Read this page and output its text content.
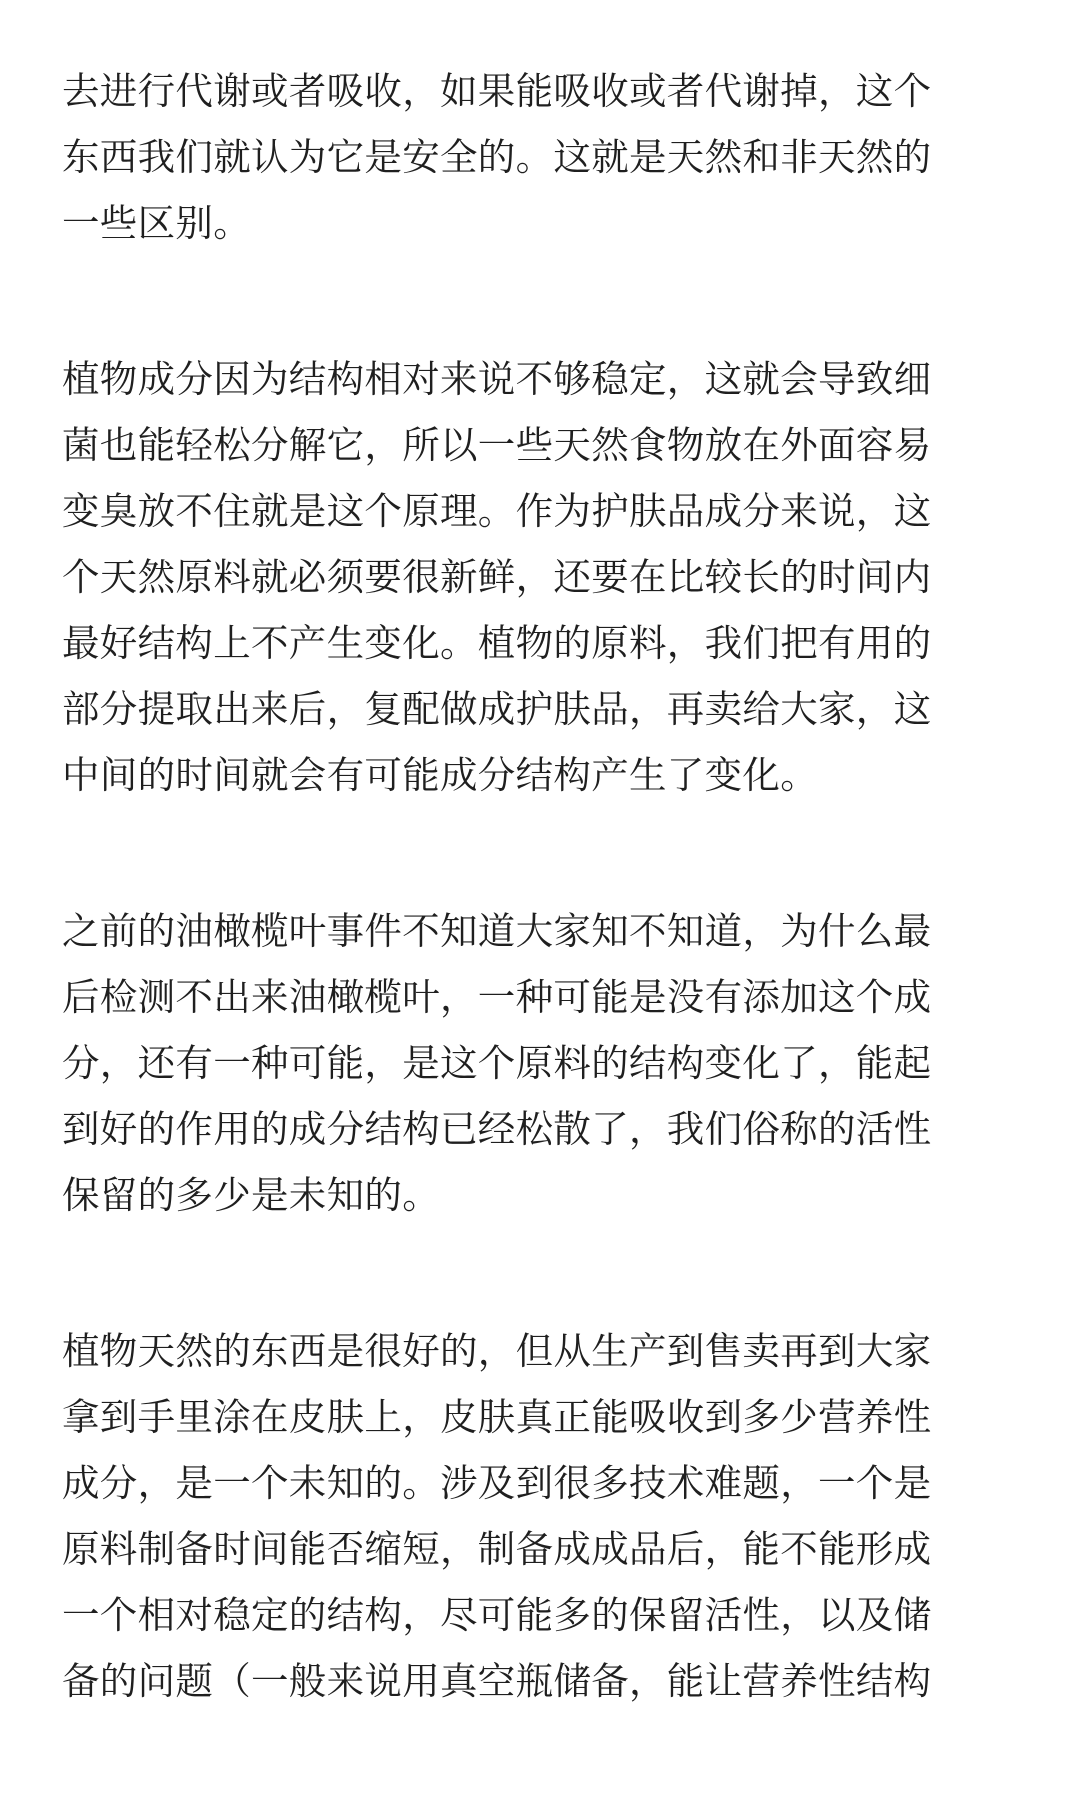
去进行代谢或者吸收，如果能吸收或者代谢掉，这个
东西我们就认为它是安全的。这就是天然和非天然的
一些区别。

植物成分因为结构相对来说不够稳定，这就会导致细
菌也能轻松分解它，所以一些天然食物放在外面容易
变臭放不住就是这个原理。作为护肤品成分来说，这
个天然原料就必须要很新鲜，还要在比较长的时间内
最好结构上不产生变化。植物的原料，我们把有用的
部分提取出来后，复配做成护肤品，再卖给大家，这
中间的时间就会有可能成分结构产生了变化。

之前的油橄榄叶事件不知道大家知不知道，为什么最
后检测不出来油橄榄叶，一种可能是没有添加这个成
分，还有一种可能，是这个原料的结构变化了，能起
到好的作用的成分结构已经松散了，我们俗称的活性
保留的多少是未知的。

植物天然的东西是很好的，但从生产到售卖再到大家
拿到手里涂在皮肤上，皮肤真正能吸收到多少营养性
成分，是一个未知的。涉及到很多技术难题，一个是
原料制备时间能否缩短，制备成成品后，能不能形成
一个相对稳定的结构，尽可能多的保留活性，以及储
备的问题（一般来说用真空瓶储备，能让营养性结构
